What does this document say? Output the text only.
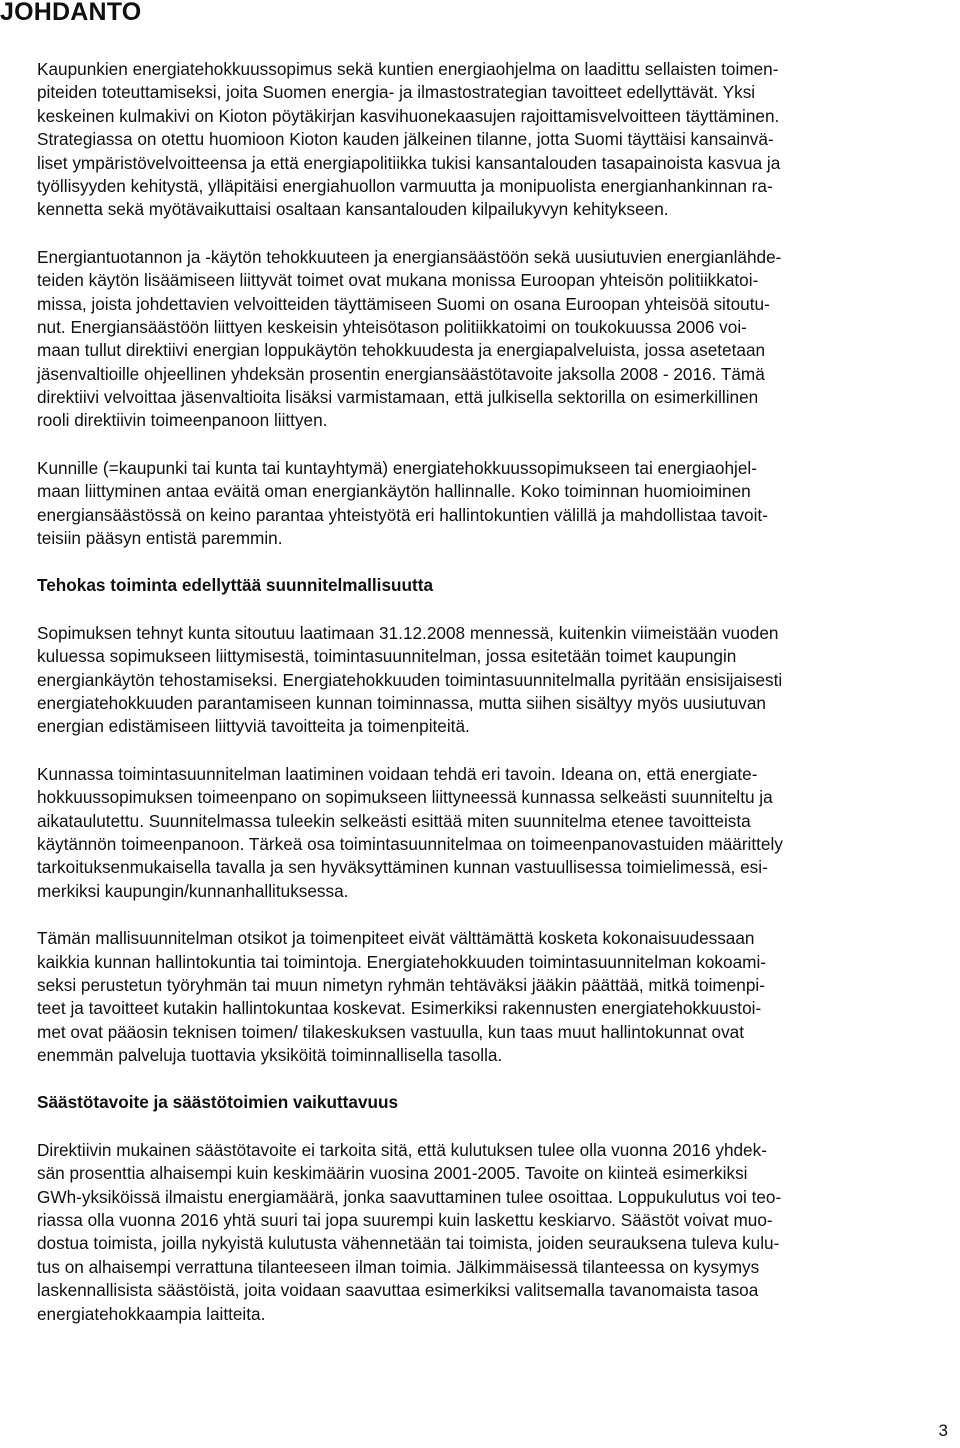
JOHDANTO
Kaupunkien energiatehokkuussopimus sekä kuntien energiaohjelma on laadittu sellaisten toimen-
piteiden toteuttamiseksi, joita Suomen energia- ja ilmastostrategian tavoitteet edellyttävät. Yksi
keskeinen kulmakivi on Kioton pöytäkirjan kasvihuonekaasujen rajoittamisvelvoitteen täyttäminen.
Strategiassa on otettu huomioon Kioton kauden jälkeinen tilanne, jotta Suomi täyttäisi kansainvä-
liset ympäristövelvoitteensa ja että energiapolitiikka tukisi kansantalouden tasapainoista kasvua ja
työllisyyden kehitystä, ylläpitäisi energiahuollon varmuutta ja monipuolista energianhankinnan ra-
kennetta sekä myötävaikuttaisi osaltaan kansantalouden kilpailukyvyn kehitykseen.
Energiantuotannon ja -käytön tehokkuuteen ja energiansäästöön sekä uusiutuvien energianlähde-
teiden käytön lisäämiseen liittyvät toimet ovat mukana monissa Euroopan yhteisön politiikkatoi-
missa, joista johdettavien velvoitteiden täyttämiseen Suomi on osana Euroopan yhteisöä sitoutu-
nut. Energiansäästöön liittyen keskeisin yhteisötason politiikkatoimi on toukokuussa 2006 voi-
maan tullut direktiivi energian loppukäytön tehokkuudesta ja energiapalveluista, jossa asetetaan
jäsenvaltioille ohjeellinen yhdeksän prosentin energiansäästötavoite jaksolla 2008 - 2016. Tämä
direktiivi velvoittaa jäsenvaltioita lisäksi varmistamaan, että julkisella sektorilla on esimerkillinen
rooli direktiivin toimeenpanoon liittyen.
Kunnille (=kaupunki tai kunta tai kuntayhtymä) energiatehokkuussopimukseen tai energiaohjel-
maan liittyminen antaa eväitä oman energiankäytön hallinnalle. Koko toiminnan huomioiminen
energiansäästössä on keino parantaa yhteistyötä eri hallintokuntien välillä ja mahdollistaa tavoit-
teisiin pääsyn entistä paremmin.
Tehokas toiminta edellyttää suunnitelmallisuutta
Sopimuksen tehnyt kunta sitoutuu laatimaan 31.12.2008 mennessä, kuitenkin viimeistään vuoden
kuluessa sopimukseen liittymisestä, toimintasuunnitelman, jossa esitetään toimet kaupungin
energiankäytön tehostamiseksi. Energiatehokkuuden toimintasuunnitelmalla pyritään ensisijaisesti
energiatehokkuuden parantamiseen kunnan toiminnassa, mutta siihen sisältyy myös uusiutuvan
energian edistämiseen liittyviä tavoitteita ja toimenpiteitä.
Kunnassa toimintasuunnitelman laatiminen voidaan tehdä eri tavoin. Ideana on, että energiate-
hokkuussopimuksen toimeenpano on sopimukseen liittyneessä kunnassa selkeästi suunniteltu ja
aikataulutettu. Suunnitelmassa tuleekin selkeästi esittää miten suunnitelma etenee tavoitteista
käytännön toimeenpanoon. Tärkeä osa toimintasuunnitelmaa on toimeenpanovastuiden määrittely
tarkoituksenmukaisella tavalla ja sen hyväksyttäminen kunnan vastuullisessa toimielimessä, esi-
merkiksi kaupungin/kunnanhallituksessa.
Tämän mallisuunnitelman otsikot ja toimenpiteet eivät välttämättä kosketa kokonaisuudessaan
kaikkia kunnan hallintokuntia tai toimintoja. Energiatehokkuuden toimintasuunnitelman kokoami-
seksi perustetun työryhmän tai muun nimetyn ryhmän tehtäväksi jääkin päättää, mitkä toimenpi-
teet ja tavoitteet kutakin hallintokuntaa koskevat. Esimerkiksi rakennusten energiatehokkuustoi-
met ovat pääosin teknisen toimen/ tilakeskuksen vastuulla, kun taas muut hallintokunnat ovat
enemmän palveluja tuottavia yksiköitä toiminnallisella tasolla.
Säästötavoite ja säästötoimien vaikuttavuus
Direktiivin mukainen säästötavoite ei tarkoita sitä, että kulutuksen tulee olla vuonna 2016 yhdek-
sän prosenttia alhaisempi kuin keskimäärin vuosina 2001-2005. Tavoite on kiinteä esimerkiksi
GWh-yksiköissä ilmaistu energiamäärä, jonka saavuttaminen tulee osoittaa. Loppukulutus voi teo-
riassa olla vuonna 2016 yhtä suuri tai jopa suurempi kuin laskettu keskiarvo. Säästöt voivat muo-
dostua toimista, joilla nykyistä kulutusta vähennetään tai toimista, joiden seurauksena tuleva kulu-
tus on alhaisempi verrattuna tilanteeseen ilman toimia. Jälkimmäisessä tilanteessa on kysymys
laskennallisista säästöistä, joita voidaan saavuttaa esimerkiksi valitsemalla tavanomaista tasoa
energiatehokkaampia laitteita.
3
